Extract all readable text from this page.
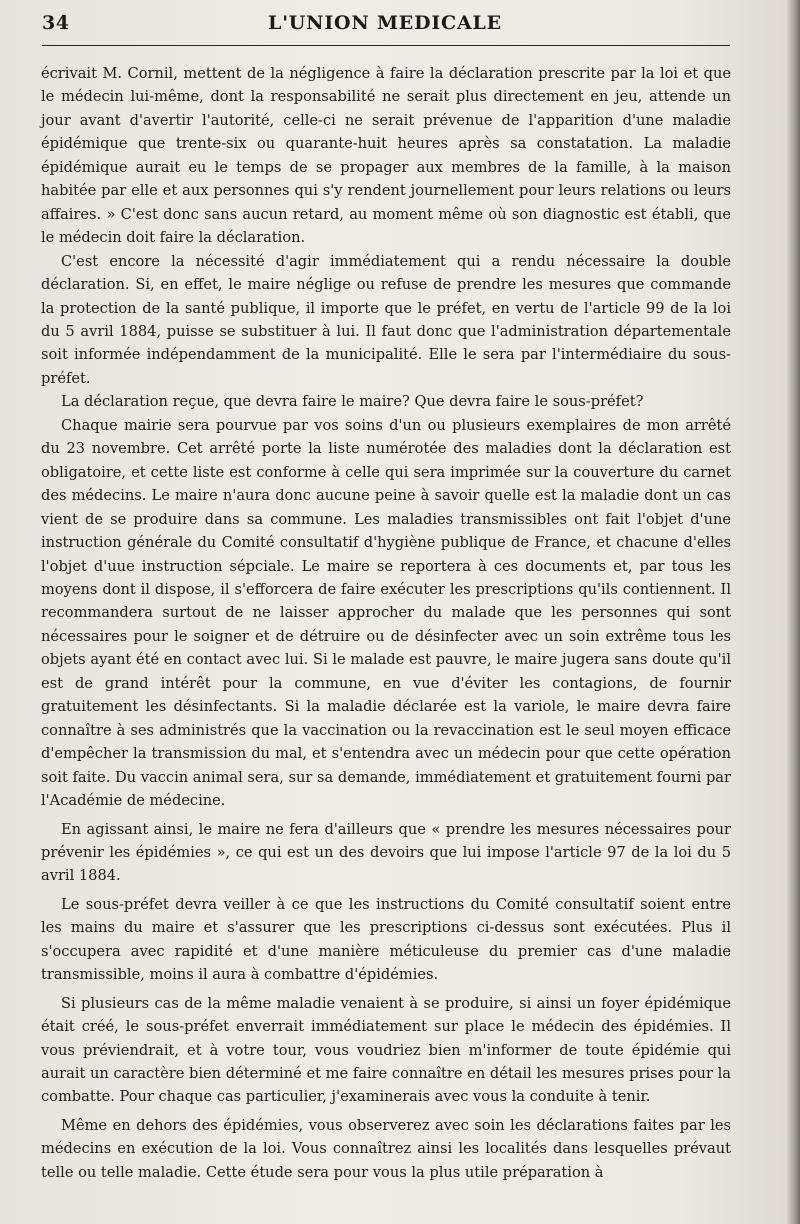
34	L'UNION MEDICALE

écrivait M. Cornil, mettent de la négligence à faire la déclaration prescrite par la loi et que le médecin lui-même, dont la responsabilité ne serait plus directement en jeu, attende un jour avant d'avertir l'autorité, celle-ci ne serait prévenue de l'apparition d'une maladie épidémique que trente-six ou quarante-huit heures après sa constatation. La maladie épidémique aurait eu le temps de se propager aux membres de la famille, à la maison habitée par elle et aux personnes qui s'y rendent journellement pour leurs relations ou leurs affaires. » C'est donc sans aucun retard, au moment même où son diagnostic est établi, que le médecin doit faire la déclaration.

C'est encore la nécessité d'agir immédiatement qui a rendu nécessaire la double déclaration. Si, en effet, le maire néglige ou refuse de prendre les mesures que commande la protection de la santé publique, il importe que le préfet, en vertu de l'article 99 de la loi du 5 avril 1884, puisse se substituer à lui. Il faut donc que l'administration départementale soit informée indépendamment de la municipalité. Elle le sera par l'intermédiaire du sous-préfet.

La déclaration reçue, que devra faire le maire? Que devra faire le sous-préfet?

Chaque mairie sera pourvue par vos soins d'un ou plusieurs exemplaires de mon arrêté du 23 novembre. Cet arrêté porte la liste numérotée des maladies dont la déclaration est obligatoire, et cette liste est conforme à celle qui sera imprimée sur la couverture du carnet des médecins. Le maire n'aura donc aucune peine à savoir quelle est la maladie dont un cas vient de se produire dans sa commune. Les maladies transmissibles ont fait l'objet d'une instruction générale du Comité consultatif d'hygiène publique de France, et chacune d'elles l'objet d'uue instruction sépciale. Le maire se reportera à ces documents et, par tous les moyens dont il dispose, il s'efforcera de faire exécuter les prescriptions qu'ils contiennent. Il recommandera surtout de ne laisser approcher du malade que les personnes qui sont nécessaires pour le soigner et de détruire ou de désinfecter avec un soin extrême tous les objets ayant été en contact avec lui. Si le malade est pauvre, le maire jugera sans doute qu'il est de grand intérêt pour la commune, en vue d'éviter les contagions, de fournir gratuitement les désinfectants. Si la maladie déclarée est la variole, le maire devra faire connaître à ses administrés que la vaccination ou la revaccination est le seul moyen efficace d'empêcher la transmission du mal, et s'entendra avec un médecin pour que cette opération soit faite. Du vaccin animal sera, sur sa demande, immédiatement et gratuitement fourni par l'Académie de médecine.

En agissant ainsi, le maire ne fera d'ailleurs que « prendre les mesures nécessaires pour prévenir les épidémies », ce qui est un des devoirs que lui impose l'article 97 de la loi du 5 avril 1884.

Le sous-préfet devra veiller à ce que les instructions du Comité consultatif soient entre les mains du maire et s'assurer que les prescriptions ci-dessus sont exécutées. Plus il s'occupera avec rapidité et d'une manière méticuleuse du premier cas d'une maladie transmissible, moins il aura à combattre d'épidémies.

Si plusieurs cas de la même maladie venaient à se produire, si ainsi un foyer épidémique était créé, le sous-préfet enverrait immédiatement sur place le médecin des épidémies. Il vous préviendrait, et à votre tour, vous voudriez bien m'informer de toute épidémie qui aurait un caractère bien déterminé et me faire connaître en détail les mesures prises pour la combatte. Pour chaque cas particulier, j'examinerais avec vous la conduite à tenir.

Même en dehors des épidémies, vous observerez avec soin les déclarations faites par les médecins en exécution de la loi. Vous connaîtrez ainsi les localités dans lesquelles prévaut telle ou telle maladie. Cette étude sera pour vous la plus utile préparation à
